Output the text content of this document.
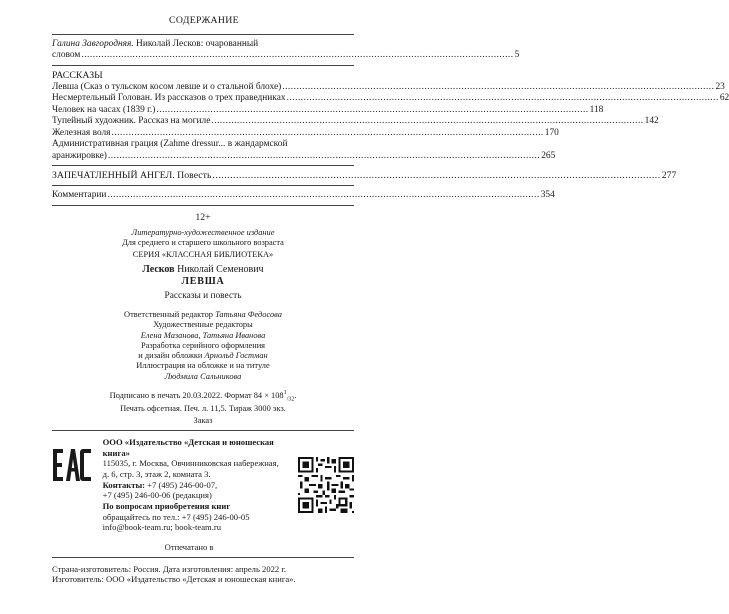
СОДЕРЖАНИЕ
Галина Завгородняя. Николай Лесков: очарованный
словом .....	5
РАССКАЗЫ
Левша (Сказ о тульском косом левше и о стальной блохе) .....	23
Несмертельный Голован. Из рассказов о трех праведниках .....	62
Человек на часах (1839 г.) .....	118
Тупейный художник. Рассказ на могиле .....	142
Железная воля .....	170
Административная грация (Zahme dressur... в жандармской
аранжировке) .....	265
ЗАПЕЧАТЛЕННЫЙ АНГЕЛ. Повесть .....	277
Комментарии .....	354
12+
Литературно-художественное издание
Для среднего и старшего школьного возраста
СЕРИЯ «КЛАССНАЯ БИБЛИОТЕКА»
Лесков Николай Семенович
ЛЕВША
Рассказы и повесть
Ответственный редактор Татьяна Федосова
Художественные редакторы
Елена Мазанова, Татьяна Иванова
Разработка серийного оформления
и дизайн обложки Арнольд Гостман
Иллюстрация на обложке и на титуле
Людмила Сальникова
Подписано в печать 20.03.2022. Формат $84 \times 108^1_{/32}$.
Печать офсетная. Печ. л. 11,5. Тираж 3000 экз.
Заказ
ООО «Издательство «Детская и юношеская книга»
115035, г. Москва, Овчинниковская набережная,
д. 6, стр. 3, этаж 2, комната 3.
Контакты: +7 (495) 246-00-07,
+7 (495) 246-00-06 (редакция)
По вопросам приобретения книг
обращайтесь по тел.: +7 (495) 246-00-05
info@book-team.ru; book-team.ru
Отпечатано в
Страна-изготовитель: Россия. Дата изготовления: апрель 2022 г.
Изготовитель: ООО «Издательство «Детская и юношеская книга».
